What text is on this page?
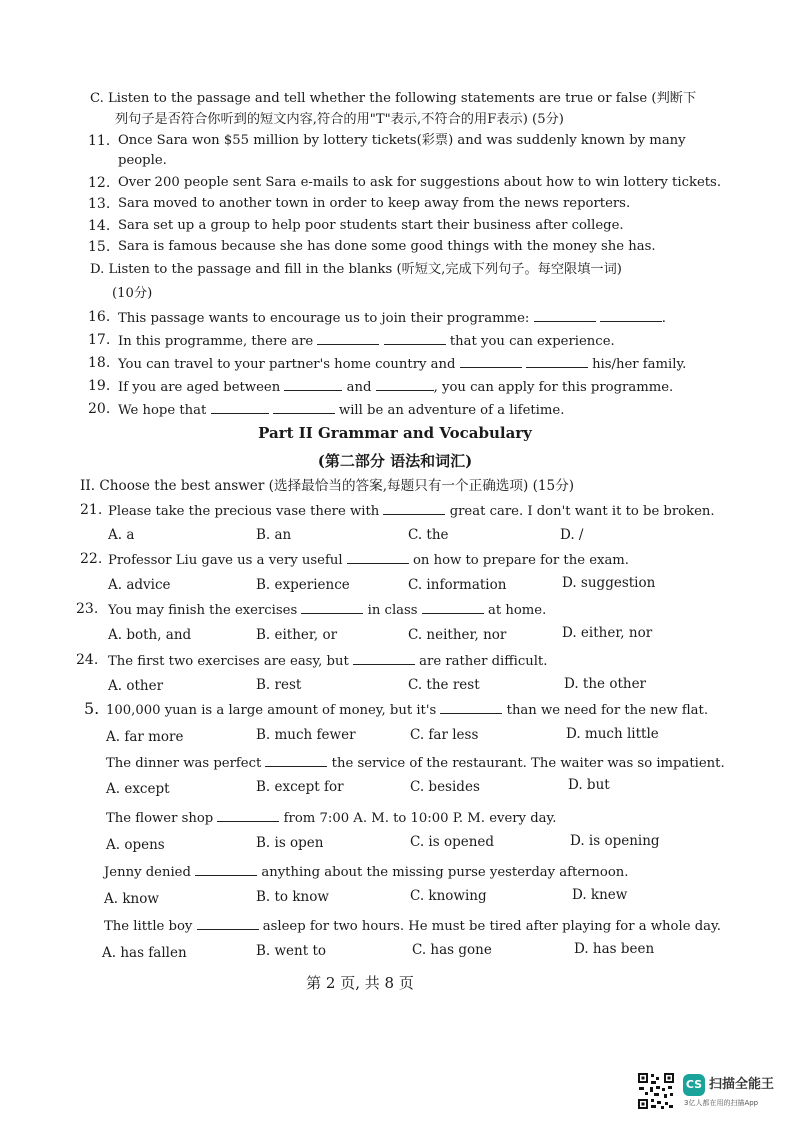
C. Listen to the passage and tell whether the following statements are true or false (判断下
列句子是否符合你听到的短文内容,符合的用"T"表示,不符合的用F表示) (5分)
11. Once Sara won $55 million by lottery tickets(彩票) and was suddenly known by many
people.
12. Over 200 people sent Sara e-mails to ask for suggestions about how to win lottery tickets.
13. Sara moved to another town in order to keep away from the news reporters.
14. Sara set up a group to help poor students start their business after college.
15. Sara is famous because she has done some good things with the money she has.
D. Listen to the passage and fill in the blanks (听短文,完成下列句子。每空限填一词)
(10分)
16. This passage wants to encourage us to join their programme:	.
17. In this programme, there are	that you can experience.
18. You can travel to your partner's home country and	his/her family.
19. If you are aged between	and	, you can apply for this programme.
20. We hope that	will be an adventure of a lifetime.
Part II Grammar and Vocabulary
(第二部分 语法和词汇)
II. Choose the best answer (选择最恰当的答案,每题只有一个正确选项) (15分)
21. Please take the precious vase there with	great care. I don't want it to be broken.
A. a	B. an	C. the	D. /
22. Professor Liu gave us a very useful	on how to prepare for the exam.
A. advice	B. experience	C. information	D. suggestion
23. You may finish the exercises	in class	at home.
A. both, and	B. either, or	C. neither, nor	D. either, nor
24. The first two exercises are easy, but	are rather difficult.
A. other	B. rest	C. the rest	D. the other
5. 100,000 yuan is a large amount of money, but it's	than we need for the new flat.
A. far more	B. much fewer	C. far less	D. much little
The dinner was perfect	the service of the restaurant. The waiter was so impatient.
A. except	B. except for	C. besides	D. but
The flower shop	from 7:00 A. M. to 10:00 P. M. every day.
A. opens	B. is open	C. is opened	D. is opening
Jenny denied	anything about the missing purse yesterday afternoon.
A. know	B. to know	C. knowing	D. knew
The little boy	asleep for two hours. He must be tired after playing for a whole day.
A. has fallen	B. went to	C. has gone	D. has been
第 2 页, 共 8 页
CS 扫描全能王
3亿人都在用的扫描App
